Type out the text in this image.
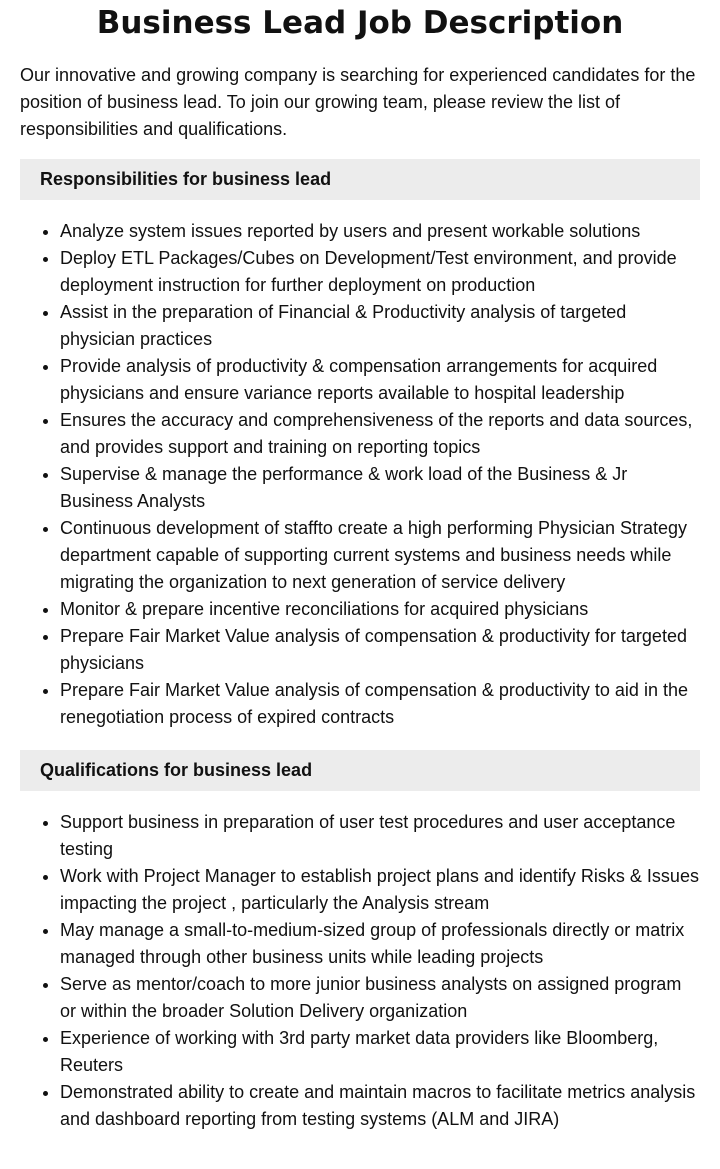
Business Lead Job Description

Our innovative and growing company is searching for experienced candidates for the position of business lead. To join our growing team, please review the list of responsibilities and qualifications.

Responsibilities for business lead
• Analyze system issues reported by users and present workable solutions
• Deploy ETL Packages/Cubes on Development/Test environment, and provide deployment instruction for further deployment on production
• Assist in the preparation of Financial & Productivity analysis of targeted physician practices
• Provide analysis of productivity & compensation arrangements for acquired physicians and ensure variance reports available to hospital leadership
• Ensures the accuracy and comprehensiveness of the reports and data sources, and provides support and training on reporting topics
• Supervise & manage the performance & work load of the Business & Jr Business Analysts
• Continuous development of staffto create a high performing Physician Strategy department capable of supporting current systems and business needs while migrating the organization to next generation of service delivery
• Monitor & prepare incentive reconciliations for acquired physicians
• Prepare Fair Market Value analysis of compensation & productivity for targeted physicians
• Prepare Fair Market Value analysis of compensation & productivity to aid in the renegotiation process of expired contracts
Qualifications for business lead
• Support business in preparation of user test procedures and user acceptance testing
• Work with Project Manager to establish project plans and identify Risks & Issues impacting the project , particularly the Analysis stream
• May manage a small-to-medium-sized group of professionals directly or matrix managed through other business units while leading projects
• Serve as mentor/coach to more junior business analysts on assigned program or within the broader Solution Delivery organization
• Experience of working with 3rd party market data providers like Bloomberg, Reuters
• Demonstrated ability to create and maintain macros to facilitate metrics analysis and dashboard reporting from testing systems (ALM and JIRA)
